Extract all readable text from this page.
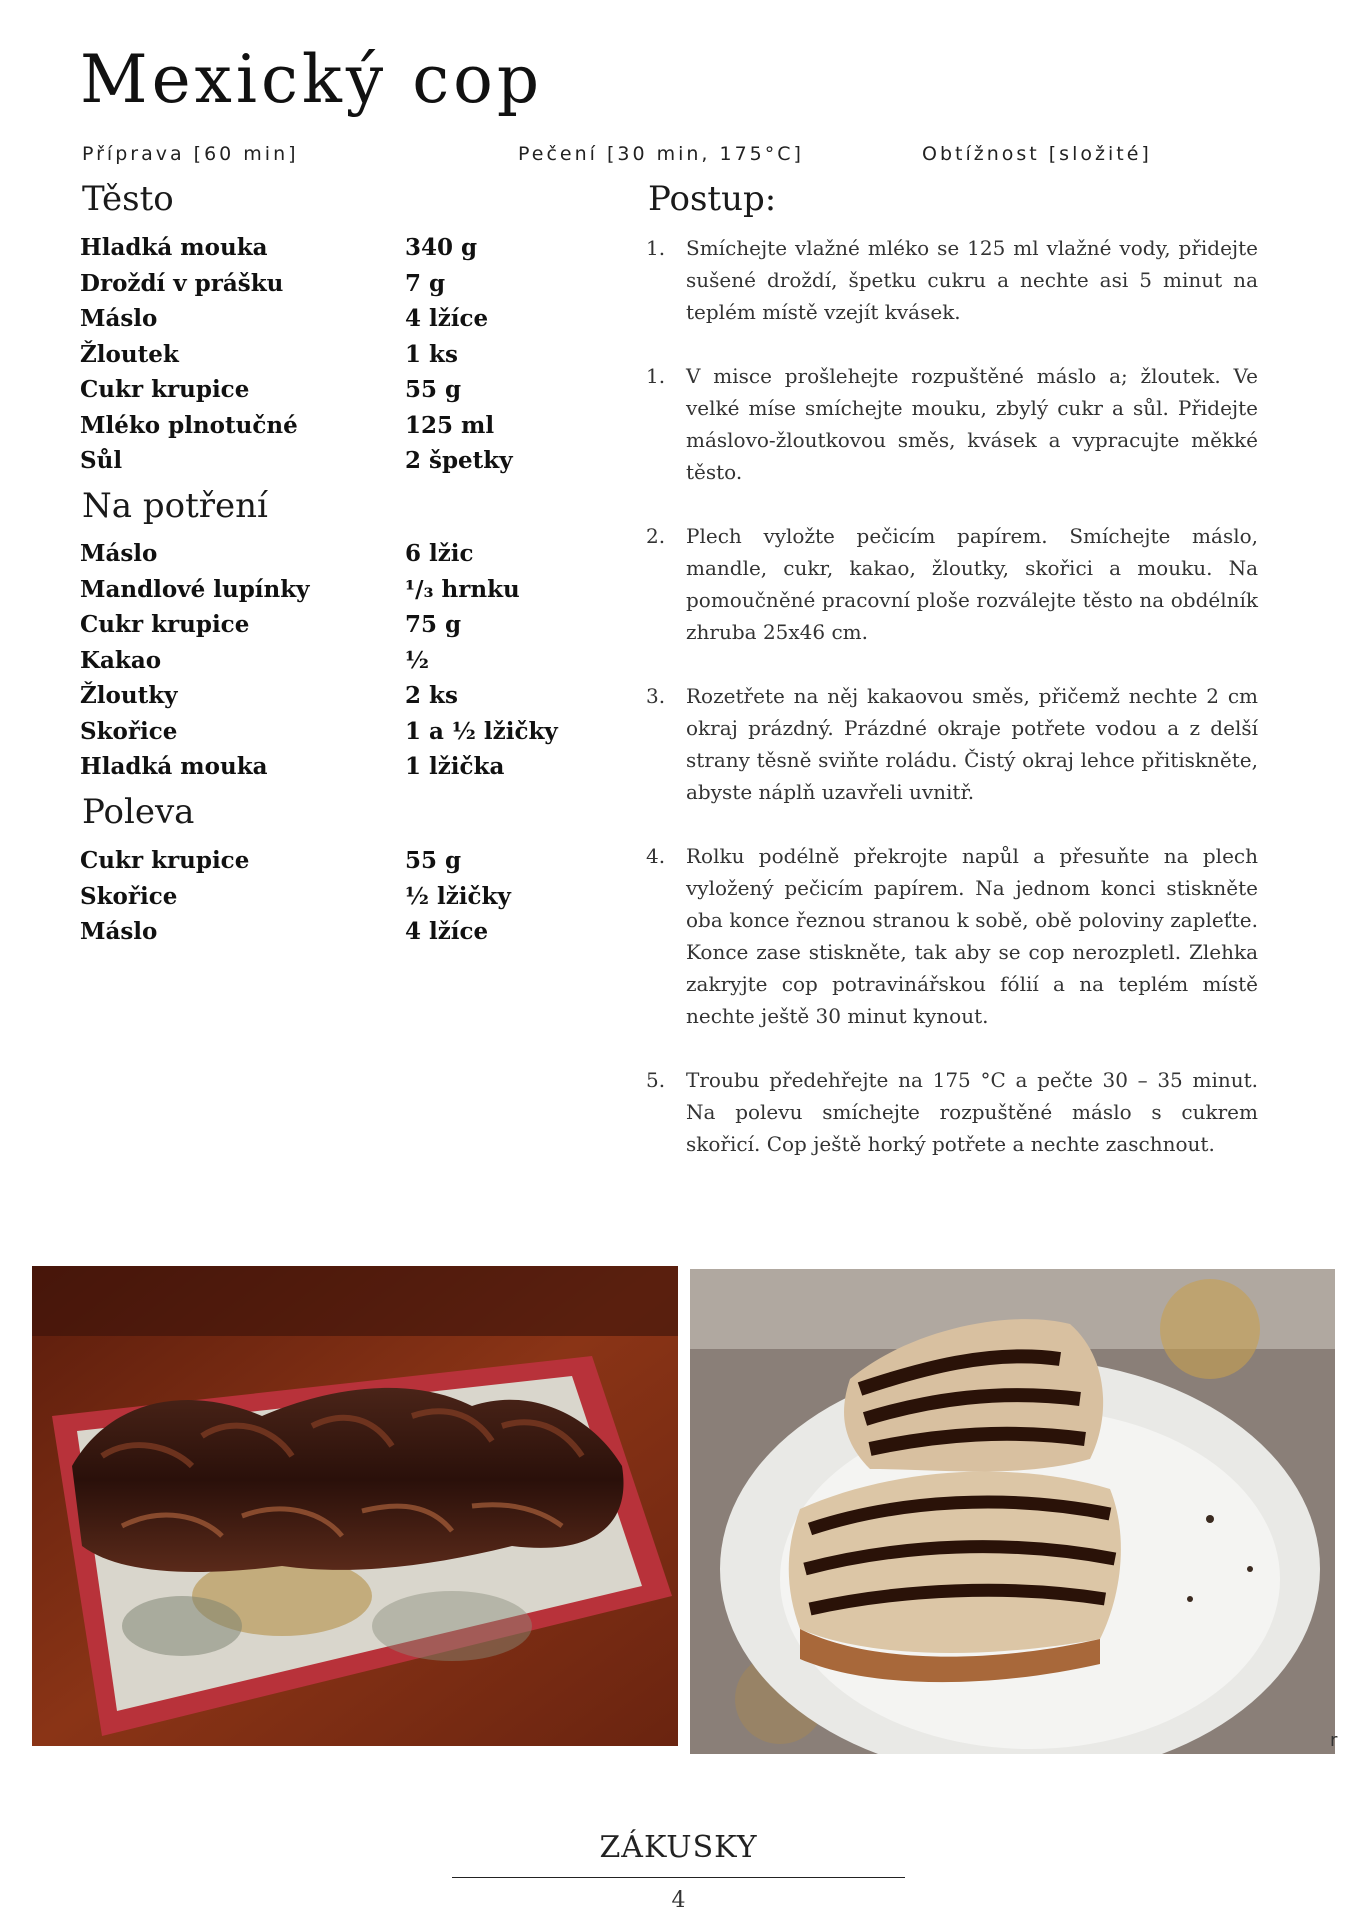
Mexický cop
Příprava [60 min]	Pečení [30 min, 175°C]	Obtížnost [složité]
Těsto
Hladká mouka	340 g
Droždí v prášku	7 g
Máslo	4 lžíce
Žloutek	1 ks
Cukr krupice	55 g
Mléko plnotučné	125 ml
Sůl	2 špetky
Na potření
Máslo	6 lžic
Mandlové lupínky	¹/₃ hrnku
Cukr krupice	75 g
Kakao	½
Žloutky	2 ks
Skořice	1 a ½ lžičky
Hladká mouka	1 lžička
Poleva
Cukr krupice	55 g
Skořice	½ lžičky
Máslo	4 lžíce
Postup:
1.	Smíchejte vlažné mléko se 125 ml vlažné vody, přidejte sušené droždí, špetku cukru a nechte asi 5 minut na teplém místě vzejít kvásek.
1.	V misce prošlehejte rozpuštěné máslo a; žloutek. Ve velké míse smíchejte mouku, zbylý cukr a sůl. Přidejte máslovo-žloutkovou směs, kvásek a vypracujte měkké těsto.
2.	Plech vyložte pečicím papírem. Smíchejte máslo, mandle, cukr, kakao, žloutky, skořici a mouku. Na pomoučněné pracovní ploše rozválejte těsto na obdélník zhruba 25x46 cm.
3.	Rozetřete na něj kakaovou směs, přičemž nechte 2 cm okraj prázdný. Prázdné okraje potřete vodou a z delší strany těsně sviňte roládu. Čistý okraj lehce přitiskněte, abyste náplň uzavřeli uvnitř.
4.	Rolku podélně překrojte napůl a přesuňte na plech vyložený pečicím papírem. Na jednom konci stiskněte oba konce řeznou stranou k sobě, obě poloviny zapleťte. Konce zase stiskněte, tak aby se cop nerozpletl. Zlehka zakryjte cop potravinářskou fólií a na teplém místě nechte ještě 30 minut kynout.
5.	Troubu předehřejte na 175 °C a pečte 30 – 35 minut. Na polevu smíchejte rozpuštěné máslo s cukrem skořicí. Cop ještě horký potřete a nechte zaschnout.
r
ZÁKUSKY
4
